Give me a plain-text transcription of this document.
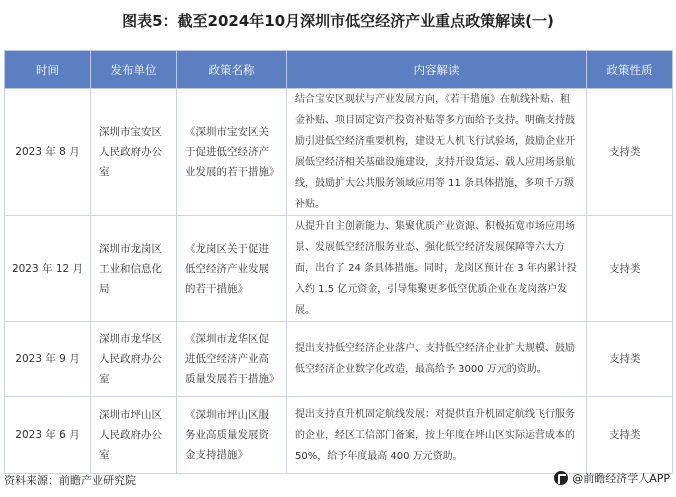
图表5：截至2024年10月深圳市低空经济产业重点政策解读(一)
时间	发布单位	政策名称	内容解读	政策性质
2023 年 8 月	深圳市宝安区人民政府办公室	《深圳市宝安区关于促进低空经济产业发展的若干措施》	结合宝安区现状与产业发展方向，《若干措施》在航线补贴、租金补贴、项目固定资产投资补贴等多方面给予支持。明确支持鼓励引进低空经济重要机构，建设无人机飞行试验场，鼓励企业开展低空经济相关基础设施建设，支持开设货运、载人应用场景航线，鼓励扩大公共服务领域应用等 11 条具体措施，多项千万级补贴。	支持类
2023 年 12 月	深圳市龙岗区工业和信息化局	《龙岗区关于促进低空经济产业发展的若干措施》	从提升自主创新能力、集聚优质产业资源、积极拓宽市场应用场景、发展低空经济服务业态、强化低空经济发展保障等六大方面，出台了 24 条具体措施。同时，龙岗区预计在 3 年内累计投入约 1.5 亿元资金，引导集聚更多低空优质企业在龙岗落户发展。	支持类
2023 年 9 月	深圳市龙华区人民政府办公室	《深圳市龙华区促进低空经济产业高质量发展若干措施》	提出支持低空经济企业落户、支持低空经济企业扩大规模、鼓励低空经济企业数字化改造，最高给予 3000 万元的资助。	支持类
2023 年 6 月	深圳市坪山区人民政府办公室	《深圳市坪山区服务业高质量发展资金支持措施》	提出支持直升机固定航线发展：对提供直升机固定航线飞行服务的企业，经区工信部门备案，按上年度在坪山区实际运营成本的 50%，给予年度最高 400 万元资助。	支持类
资料来源：前瞻产业研究院	@前瞻经济学人APP
